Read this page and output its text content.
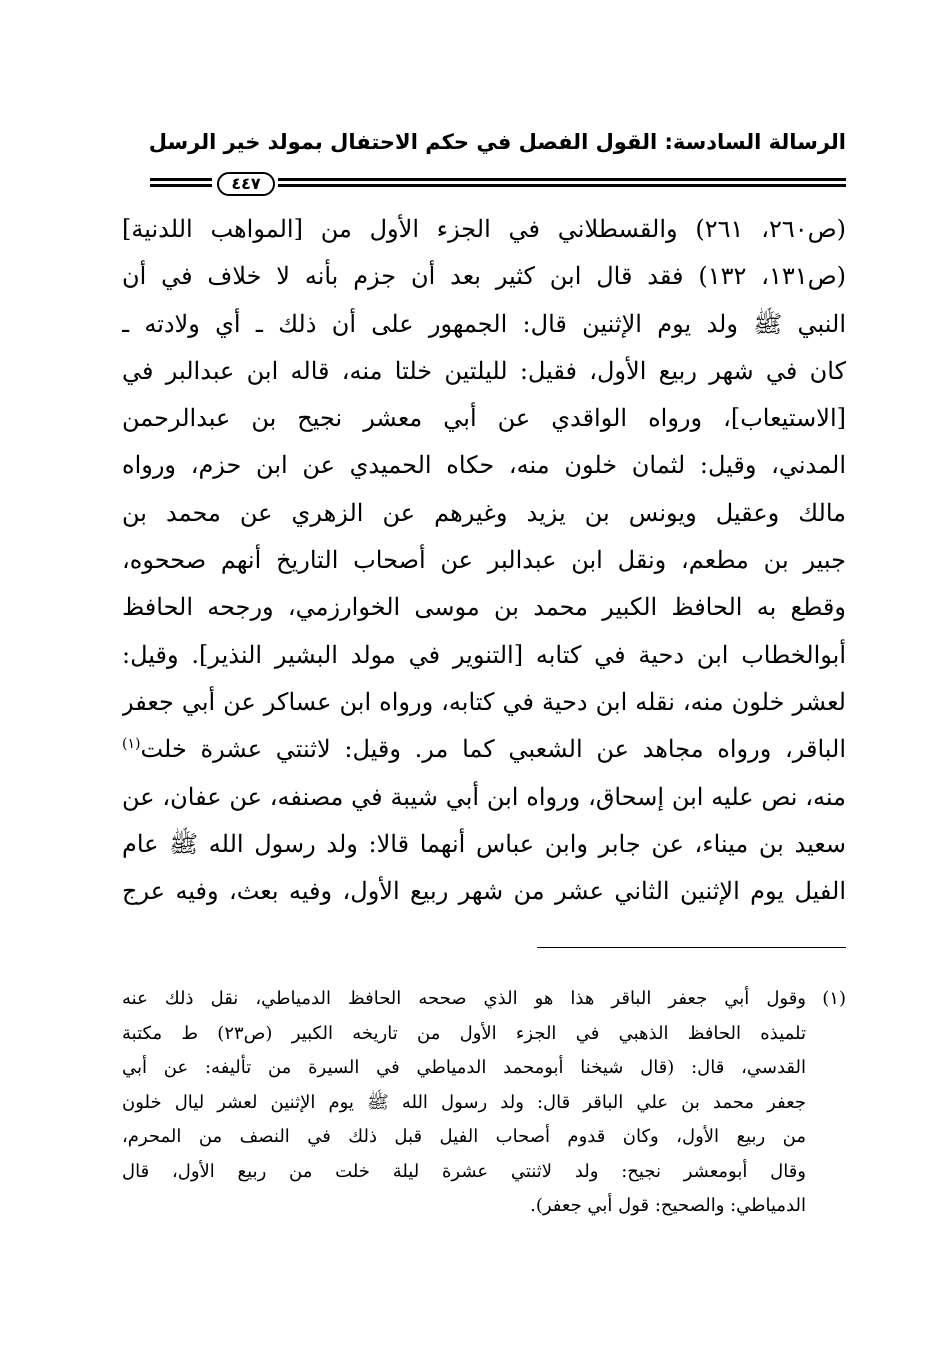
الرسالة السادسة: القول الفصل في حكم الاحتفال بمولد خير الرسل
٤٤٧
(ص٢٦٠، ٢٦١) والقسطلاني في الجزء الأول من [المواهب اللدنية]
(ص١٣١، ١٣٢) فقد قال ابن كثير بعد أن جزم بأنه لا خلاف في أن
النبي ﷺ ولد يوم الإثنين قال: الجمهور على أن ذلك ـ أي ولادته ـ
كان في شهر ربيع الأول، فقيل: لليلتين خلتا منه، قاله ابن عبدالبر في
[الاستيعاب]، ورواه الواقدي عن أبي معشر نجيح بن عبدالرحمن
المدني، وقيل: لثمان خلون منه، حكاه الحميدي عن ابن حزم، ورواه
مالك وعقيل ويونس بن يزيد وغيرهم عن الزهري عن محمد بن
جبير بن مطعم، ونقل ابن عبدالبر عن أصحاب التاريخ أنهم صححوه،
وقطع به الحافظ الكبير محمد بن موسى الخوارزمي، ورجحه الحافظ
أبوالخطاب ابن دحية في كتابه [التنوير في مولد البشير النذير]. وقيل:
لعشر خلون منه، نقله ابن دحية في كتابه، ورواه ابن عساكر عن أبي جعفر
الباقر، ورواه مجاهد عن الشعبي كما مر. وقيل: لاثنتي عشرة خلت$^{(١)}$
منه، نص عليه ابن إسحاق، ورواه ابن أبي شيبة في مصنفه، عن عفان، عن
سعيد بن ميناء، عن جابر وابن عباس أنهما قالا: ولد رسول الله ﷺ عام
الفيل يوم الإثنين الثاني عشر من شهر ربيع الأول، وفيه بعث، وفيه عرج
(١)
وقول أبي جعفر الباقر هذا هو الذي صححه الحافظ الدمياطي، نقل ذلك عنه
تلميذه الحافظ الذهبي في الجزء الأول من تاريخه الكبير (ص٢٣) ط مكتبة
القدسي، قال: (قال شيخنا أبومحمد الدمياطي في السيرة من تأليفه: عن أبي
جعفر محمد بن علي الباقر قال: ولد رسول الله ﷺ يوم الإثنين لعشر ليال خلون
من ربيع الأول، وكان قدوم أصحاب الفيل قبل ذلك في النصف من المحرم،
وقال أبومعشر نجيح: ولد لاثنتي عشرة ليلة خلت من ربيع الأول، قال
الدمياطي: والصحيح: قول أبي جعفر).
